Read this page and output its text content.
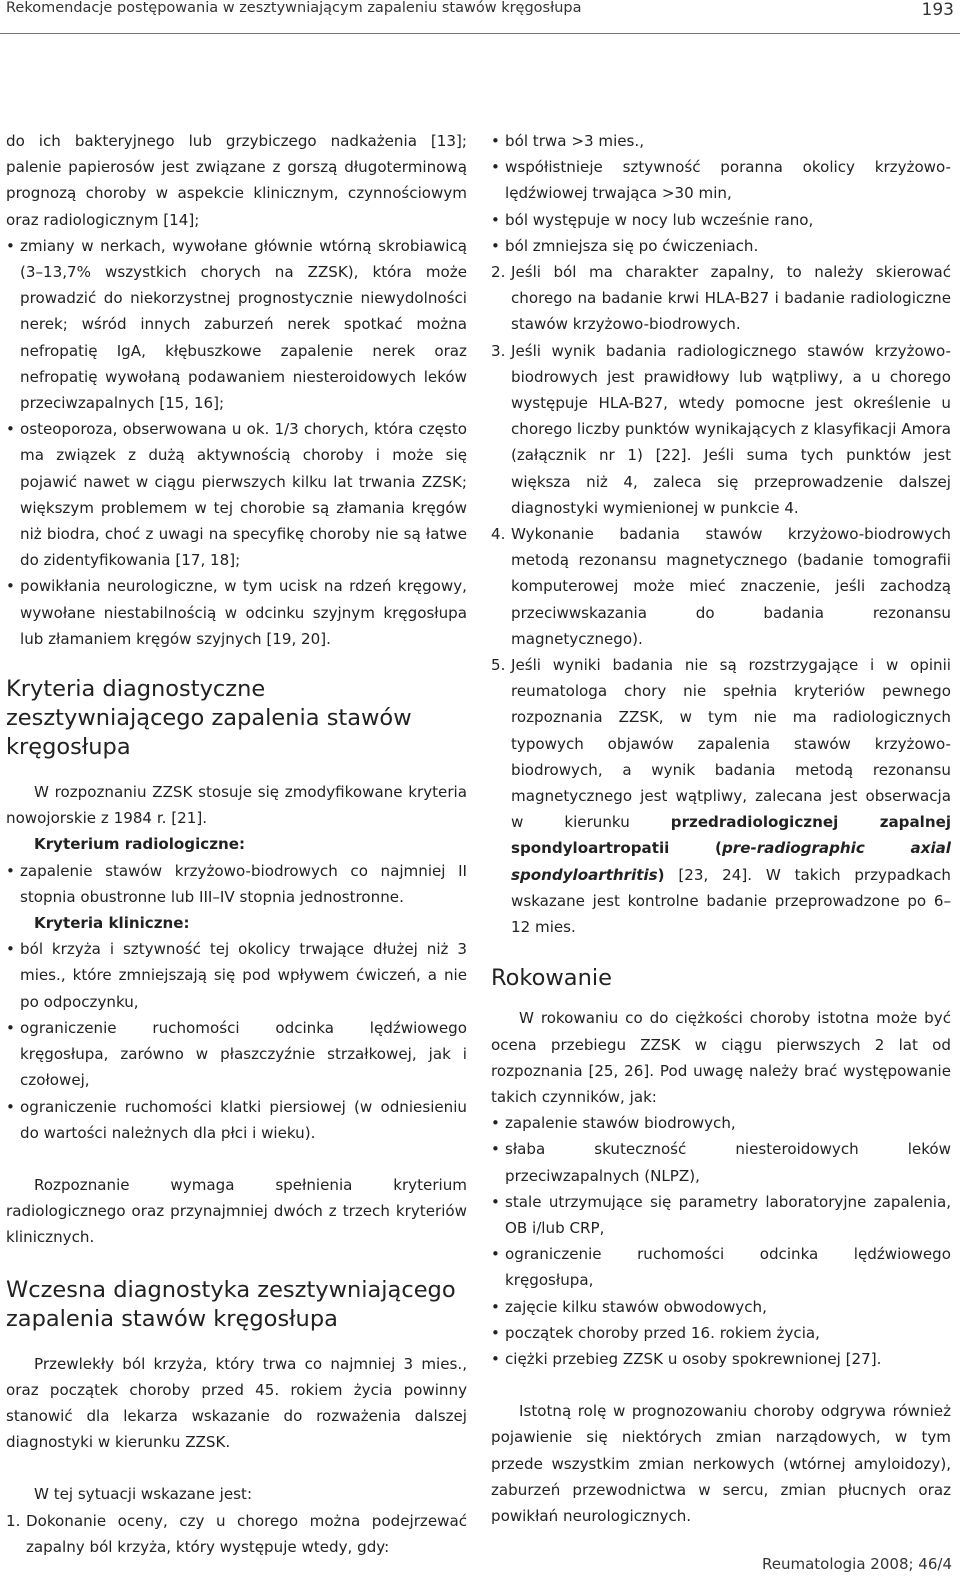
Rekomendacje postępowania w zesztywniającym zapaleniu stawów kręgosłupa	193

do ich bakteryjnego lub grzybiczego nadkażenia [13]; palenie papierosów jest związane z gorszą długoterminową prognozą choroby w aspekcie klinicznym, czynnościowym oraz radiologicznym [14];

• zmiany w nerkach, wywołane głównie wtórną skrobiawicą (3–13,7% wszystkich chorych na ZZSK), która może prowadzić do niekorzystnej prognostycznie niewydolności nerek; wśród innych zaburzeń nerek spotkać można nefropatię IgA, kłębuszkowe zapalenie nerek oraz nefropatię wywołaną podawaniem niesteroidowych leków przeciwzapalnych [15, 16];
• osteoporoza, obserwowana u ok. 1/3 chorych, która często ma związek z dużą aktywnością choroby i może się pojawić nawet w ciągu pierwszych kilku lat trwania ZZSK; większym problemem w tej chorobie są złamania kręgów niż biodra, choć z uwagi na specyfikę choroby nie są łatwe do zidentyfikowania [17, 18];
• powikłania neurologiczne, w tym ucisk na rdzeń kręgowy, wywołane niestabilnością w odcinku szyjnym kręgosłupa lub złamaniem kręgów szyjnych [19, 20].
Kryteria diagnostyczne zesztywniającego zapalenia stawów kręgosłupa

W rozpoznaniu ZZSK stosuje się zmodyfikowane kryteria nowojorskie z 1984 r. [21].

Kryterium radiologiczne:

• zapalenie stawów krzyżowo-biodrowych co najmniej II stopnia obustronne lub III–IV stopnia jednostronne.

Kryteria kliniczne:

• ból krzyża i sztywność tej okolicy trwające dłużej niż 3 mies., które zmniejszają się pod wpływem ćwiczeń, a nie po odpoczynku,
• ograniczenie ruchomości odcinka lędźwiowego kręgosłupa, zarówno w płaszczyźnie strzałkowej, jak i czołowej,
• ograniczenie ruchomości klatki piersiowej (w odniesieniu do wartości należnych dla płci i wieku).

Rozpoznanie wymaga spełnienia kryterium radiologicznego oraz przynajmniej dwóch z trzech kryteriów klinicznych.

Wczesna diagnostyka zesztywniającego zapalenia stawów kręgosłupa

Przewlekły ból krzyża, który trwa co najmniej 3 mies., oraz początek choroby przed 45. rokiem życia powinny stanowić dla lekarza wskazanie do rozważenia dalszej diagnostyki w kierunku ZZSK.

W tej sytuacji wskazane jest:

1. Dokonanie oceny, czy u chorego można podejrzewać zapalny ból krzyża, który występuje wtedy, gdy:
• ból trwa >3 mies.,
• współistnieje sztywność poranna okolicy krzyżowo-lędźwiowej trwająca >30 min,
• ból występuje w nocy lub wcześnie rano,
• ból zmniejsza się po ćwiczeniach.
2. Jeśli ból ma charakter zapalny, to należy skierować chorego na badanie krwi HLA-B27 i badanie radiologiczne stawów krzyżowo-biodrowych.
3. Jeśli wynik badania radiologicznego stawów krzyżowo-biodrowych jest prawidłowy lub wątpliwy, a u chorego występuje HLA-B27, wtedy pomocne jest określenie u chorego liczby punktów wynikających z klasyfikacji Amora (załącznik nr 1) [22]. Jeśli suma tych punktów jest większa niż 4, zaleca się przeprowadzenie dalszej diagnostyki wymienionej w punkcie 4.
4. Wykonanie badania stawów krzyżowo-biodrowych metodą rezonansu magnetycznego (badanie tomografii komputerowej może mieć znaczenie, jeśli zachodzą przeciwwskazania do badania rezonansu magnetycznego).
5. Jeśli wyniki badania nie są rozstrzygające i w opinii reumatologa chory nie spełnia kryteriów pewnego rozpoznania ZZSK, w tym nie ma radiologicznych typowych objawów zapalenia stawów krzyżowo-biodrowych, a wynik badania metodą rezonansu magnetycznego jest wątpliwy, zalecana jest obserwacja w kierunku przedradiologicznej zapalnej spondyloartropatii (pre-radiographic axial spondyloarthritis) [23, 24]. W takich przypadkach wskazane jest kontrolne badanie przeprowadzone po 6–12 mies.
Rokowanie

W rokowaniu co do ciężkości choroby istotna może być ocena przebiegu ZZSK w ciągu pierwszych 2 lat od rozpoznania [25, 26]. Pod uwagę należy brać występowanie takich czynników, jak:

• zapalenie stawów biodrowych,
• słaba skuteczność niesteroidowych leków przeciwzapalnych (NLPZ),
• stale utrzymujące się parametry laboratoryjne zapalenia, OB i/lub CRP,
• ograniczenie ruchomości odcinka lędźwiowego kręgosłupa,
• zajęcie kilku stawów obwodowych,
• początek choroby przed 16. rokiem życia,
• ciężki przebieg ZZSK u osoby spokrewnionej [27].

Istotną rolę w prognozowaniu choroby odgrywa również pojawienie się niektórych zmian narządowych, w tym przede wszystkim zmian nerkowych (wtórnej amyloidozy), zaburzeń przewodnictwa w sercu, zmian płucnych oraz powikłań neurologicznych.

Reumatologia 2008; 46/4
